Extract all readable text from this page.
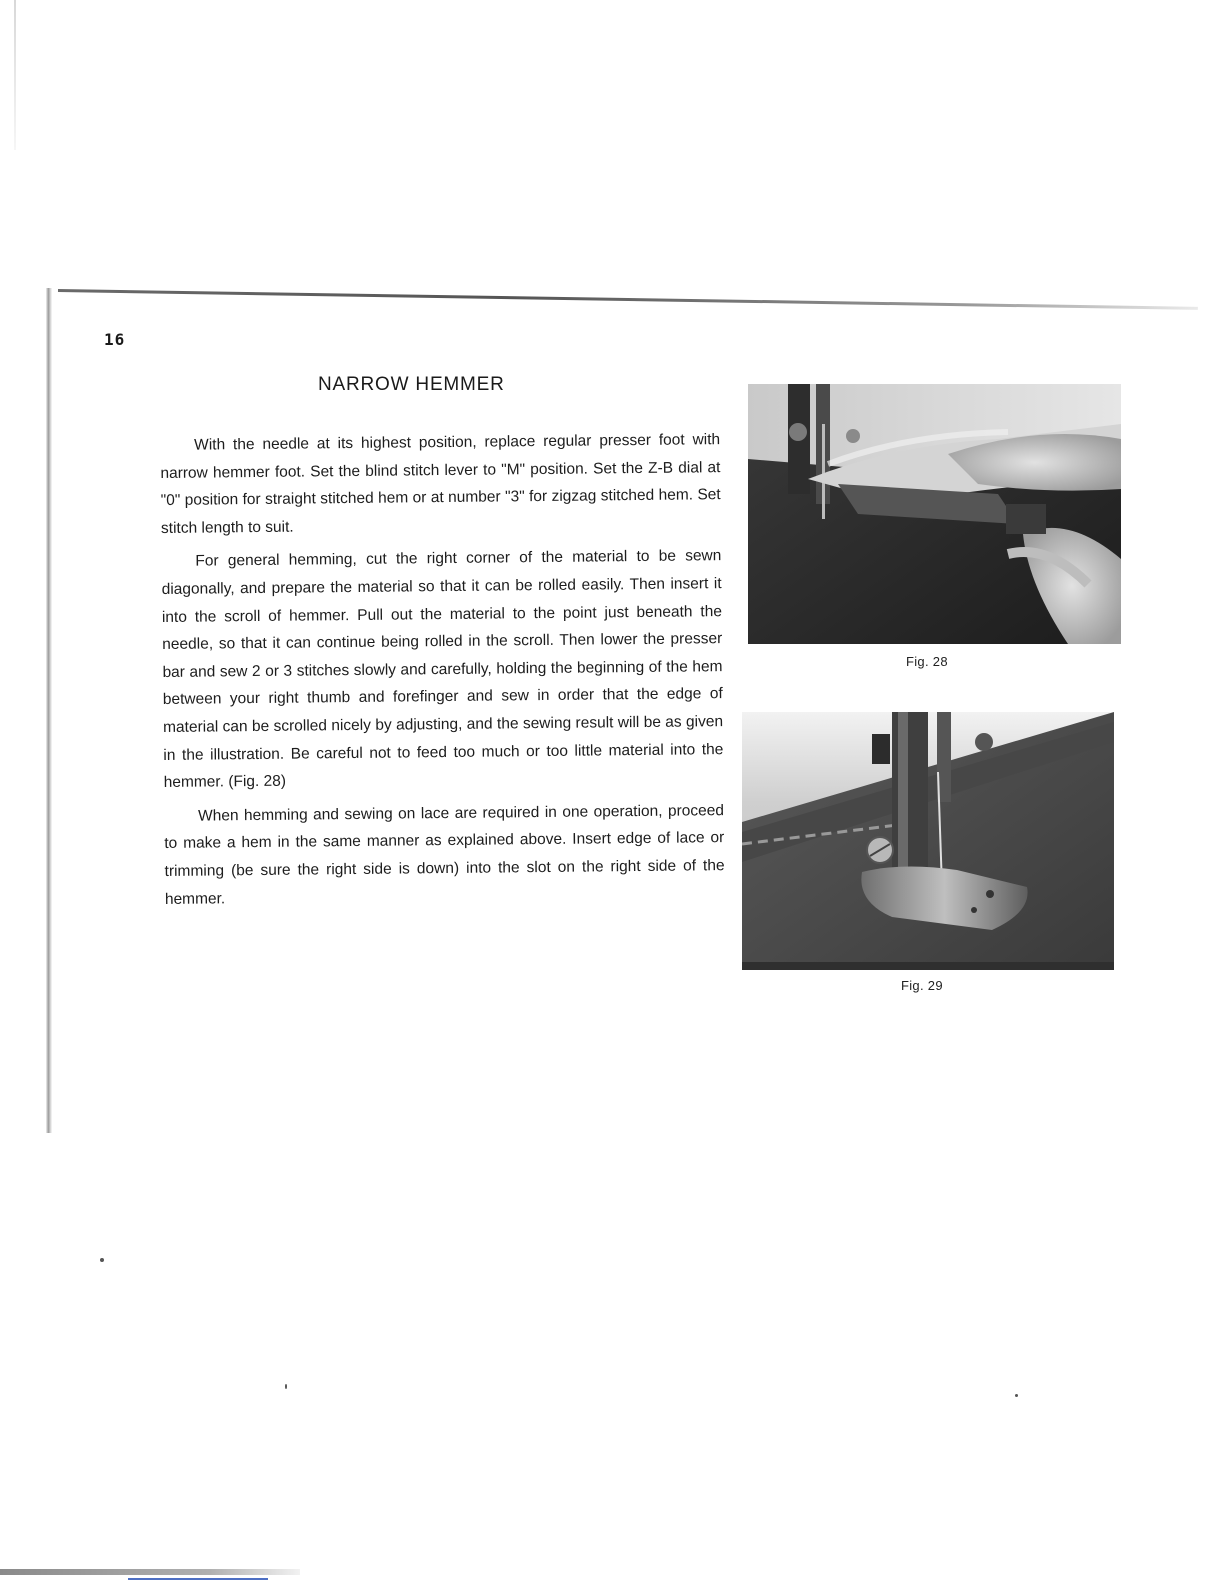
16
NARROW HEMMER

With the needle at its highest position, replace regular presser foot with narrow hemmer foot. Set the blind stitch lever to "M" position. Set the Z-B dial at "0" position for straight stitched hem or at number "3" for zigzag stitched hem. Set stitch length to suit.

For general hemming, cut the right corner of the material to be sewn diagonally, and prepare the material so that it can be rolled easily. Then insert it into the scroll of hemmer. Pull out the material to the point just beneath the needle, so that it can continue being rolled in the scroll. Then lower the presser bar and sew 2 or 3 stitches slowly and carefully, holding the beginning of the hem between your right thumb and forefinger and sew in order that the edge of material can be scrolled nicely by adjusting, and the sewing result will be as given in the illustration. Be careful not to feed too much or too little material into the hemmer. (Fig. 28)

When hemming and sewing on lace are required in one operation, proceed to make a hem in the same manner as explained above. Insert edge of lace or trimming (be sure the right side is down) into the slot on the right side of the hemmer.

Fig. 28
Fig. 29
